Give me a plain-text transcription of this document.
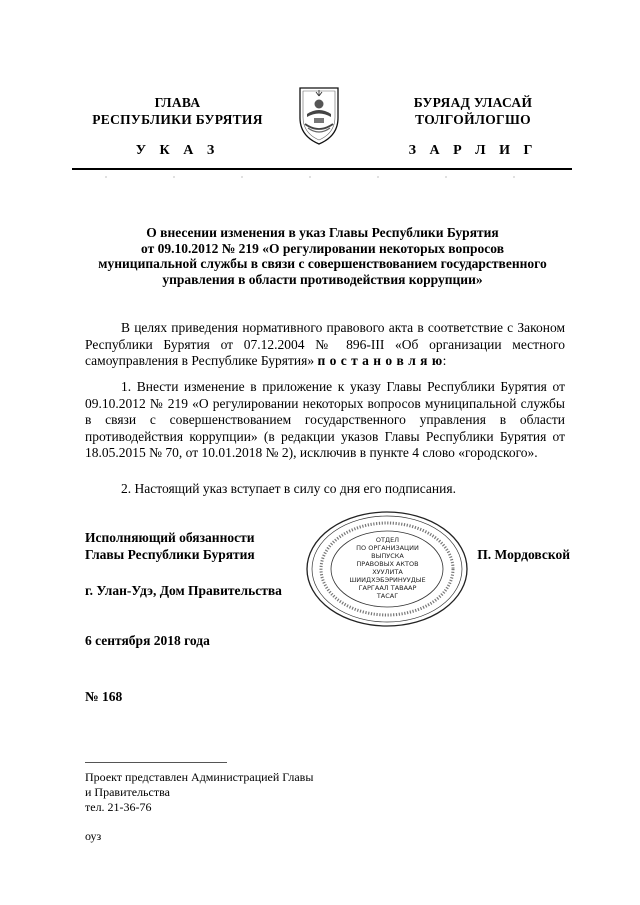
ГЛАВА
РЕСПУБЛИКИ БУРЯТИЯ
БУРЯАД УЛАСАЙ
ТОЛГОЙЛОГШО
У К А З	З А Р Л И Г
О внесении изменения в указ Главы Республики Бурятия
от 09.10.2012 № 219 «О регулировании некоторых вопросов
муниципальной службы в связи с совершенствованием государственного
управления в области противодействия коррупции»
В целях приведения нормативного правового акта в соответствие с Законом Республики Бурятия от 07.12.2004 № 896-III «Об организации местного самоуправления в Республике Бурятия» п о с т а н о в л я ю:
1. Внести изменение в приложение к указу Главы Республики Бурятия от 09.10.2012 № 219 «О регулировании некоторых вопросов муниципальной службы в связи с совершенствованием государственного управления в области противодействия коррупции» (в редакции указов Главы Республики Бурятия от 18.05.2015 № 70, от 10.01.2018 № 2), исключив в пункте 4 слово «городского».
2. Настоящий указ вступает в силу со дня его подписания.
Исполняющий обязанности
Главы Республики Бурятия	П. Мордовской
ОТДЕЛ
ПО ОРГАНИЗАЦИИ
ВЫПУСКА
ПРАВОВЫХ АКТОВ
ХУУЛИТА
ШИИДХЭБЭРИНУУДЫЕ
ГАРГААЛ ТАВААР
ТАСАГ
г. Улан-Удэ, Дом Правительства
6 сентября 2018 года
№ 168
Проект представлен Администрацией Главы
и Правительства
тел. 21-36-76
оуз
